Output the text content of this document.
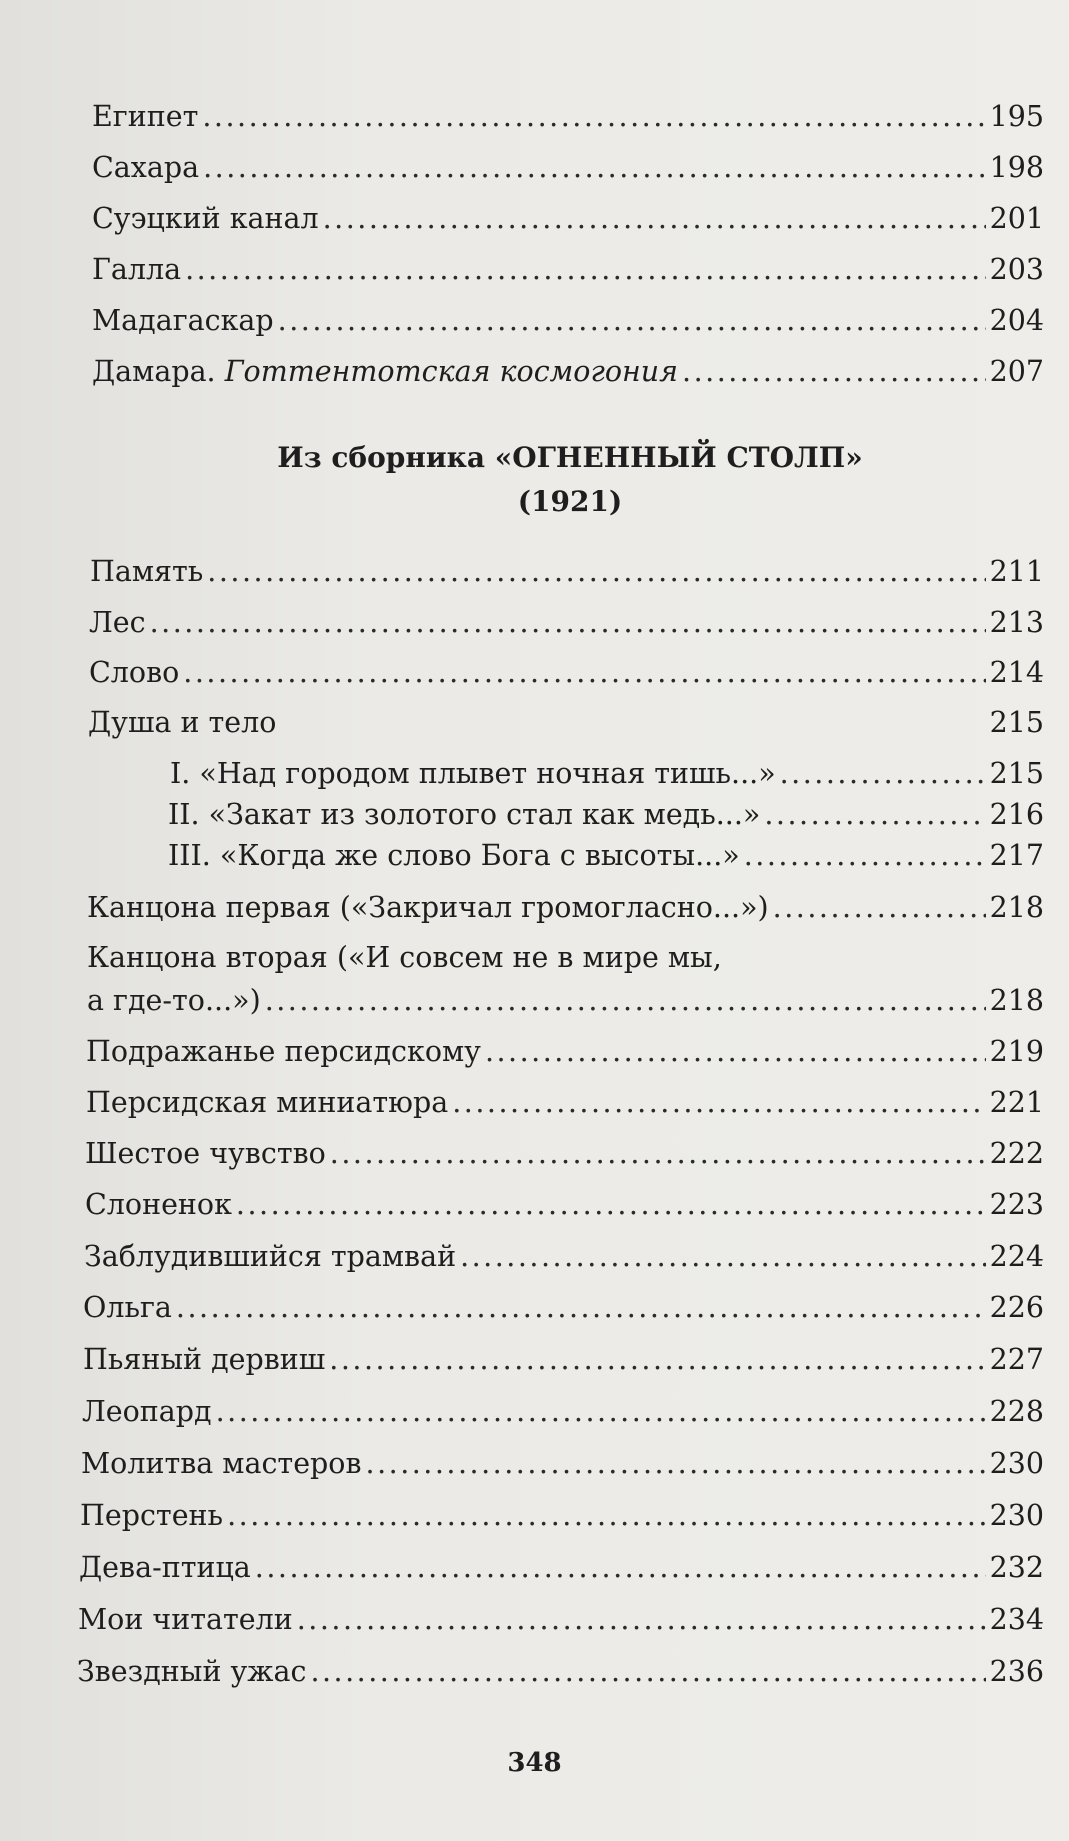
Египет .....	195
Сахара .....	198
Суэцкий канал .....	201
Галла .....	203
Мадагаскар .....	204
Дамара. Готтентотская космогония .....	207
Из сборника «ОГНЕННЫЙ СТОЛП»
(1921)
Память .....	211
Лес .....	213
Слово .....	214
Душа и тело	215
I. «Над городом плывет ночная тишь...» .....	215
II. «Закат из золотого стал как медь...» .....	216
III. «Когда же слово Бога с высоты...» .....	217
Канцона первая («Закричал громогласно...») .....	218
Канцона вторая («И совсем не в мире мы,
а где-то...») .....	218
Подражанье персидскому .....	219
Персидская миниатюра .....	221
Шестое чувство .....	222
Слоненок .....	223
Заблудившийся трамвай .....	224
Ольга .....	226
Пьяный дервиш .....	227
Леопард .....	228
Молитва мастеров .....	230
Перстень .....	230
Дева-птица .....	232
Мои читатели .....	234
Звездный ужас .....	236
348
